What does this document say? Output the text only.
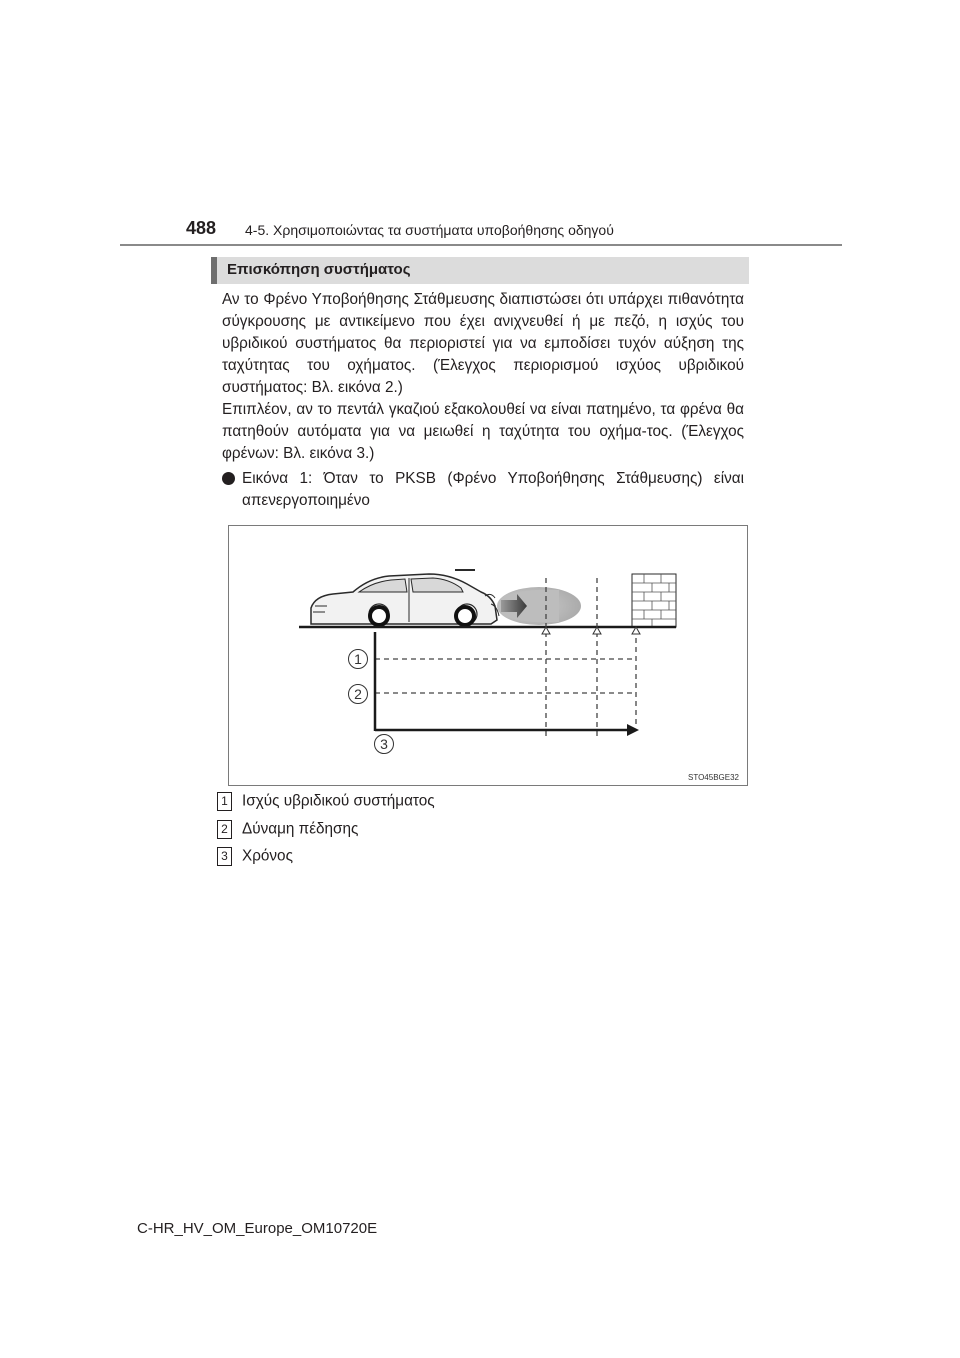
488 4-5. Χρησιμοποιώντας τα συστήματα υποβοήθησης οδηγού
Επισκόπηση συστήματος
Αν το Φρένο Υποβοήθησης Στάθμευσης διαπιστώσει ότι υπάρχει πιθανότητα σύγκρουσης με αντικείμενο που έχει ανιχνευθεί ή με πεζό, η ισχύς του υβριδικού συστήματος θα περιοριστεί για να εμποδίσει τυχόν αύξηση της ταχύτητας του οχήματος. (Έλεγχος περιορισμού ισχύος υβριδικού συστήματος: Βλ. εικόνα 2.)
Επιπλέον, αν το πεντάλ γκαζιού εξακολουθεί να είναι πατημένο, τα φρένα θα πατηθούν αυτόματα για να μειωθεί η ταχύτητα του οχήμα-τος. (Έλεγχος φρένων: Βλ. εικόνα 3.)
Εικόνα 1: Όταν το PKSB (Φρένο Υποβοήθησης Στάθμευσης) είναι απενεργοποιημένο
1
2
3
STO45BGE32
1 Ισχύς υβριδικού συστήματος
2 Δύναμη πέδησης
3 Χρόνος
C-HR_HV_OM_Europe_OM10720E
